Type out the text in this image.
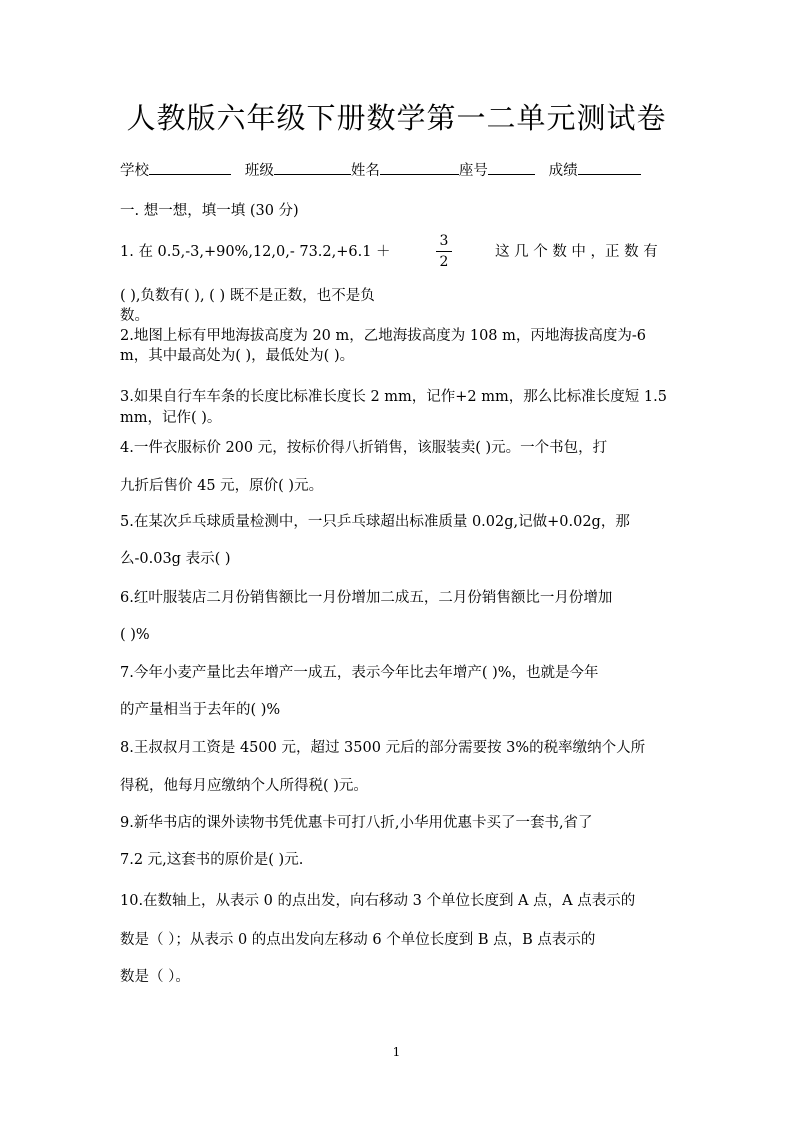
人教版六年级下册数学第一二单元测试卷
学校	班级	姓名	座号	成绩
一. 想一想，填一填 (30 分)
1. 在 0.5,-3,+90%,12,0,- 73.2,+6.1 ＋
3
2
这 几 个 数 中 ，正 数 有
( ),负数有( ), ( ) 既不是正数，也不是负
数。
2.地图上标有甲地海拔高度为 20 m，乙地海拔高度为 108 m，丙地海拔高度为-6
m，其中最高处为( )，最低处为( )。
3.如果自行车车条的长度比标准长度长 2 mm，记作+2 mm，那么比标准长度短 1.5
mm，记作( )。
4.一件衣服标价 200 元，按标价得八折销售，该服装卖( )元。一个书包，打
九折后售价 45 元，原价( )元。
5.在某次乒乓球质量检测中，一只乒乓球超出标准质量 0.02g,记做+0.02g，那
么-0.03g 表示( )
6.红叶服装店二月份销售额比一月份增加二成五，二月份销售额比一月份增加
( )%
7.今年小麦产量比去年增产一成五，表示今年比去年增产( )%，也就是今年
的产量相当于去年的( )%
8.王叔叔月工资是 4500 元，超过 3500 元后的部分需要按 3%的税率缴纳个人所
得税，他每月应缴纳个人所得税( )元。
9.新华书店的课外读物书凭优惠卡可打八折,小华用优惠卡买了一套书,省了
7.2 元,这套书的原价是( )元.
10.在数轴上，从表示 0 的点出发，向右移动 3 个单位长度到 A 点，A 点表示的
数是（ ）；从表示 0 的点出发向左移动 6 个单位长度到 B 点，B 点表示的
数是（ ）。
1
